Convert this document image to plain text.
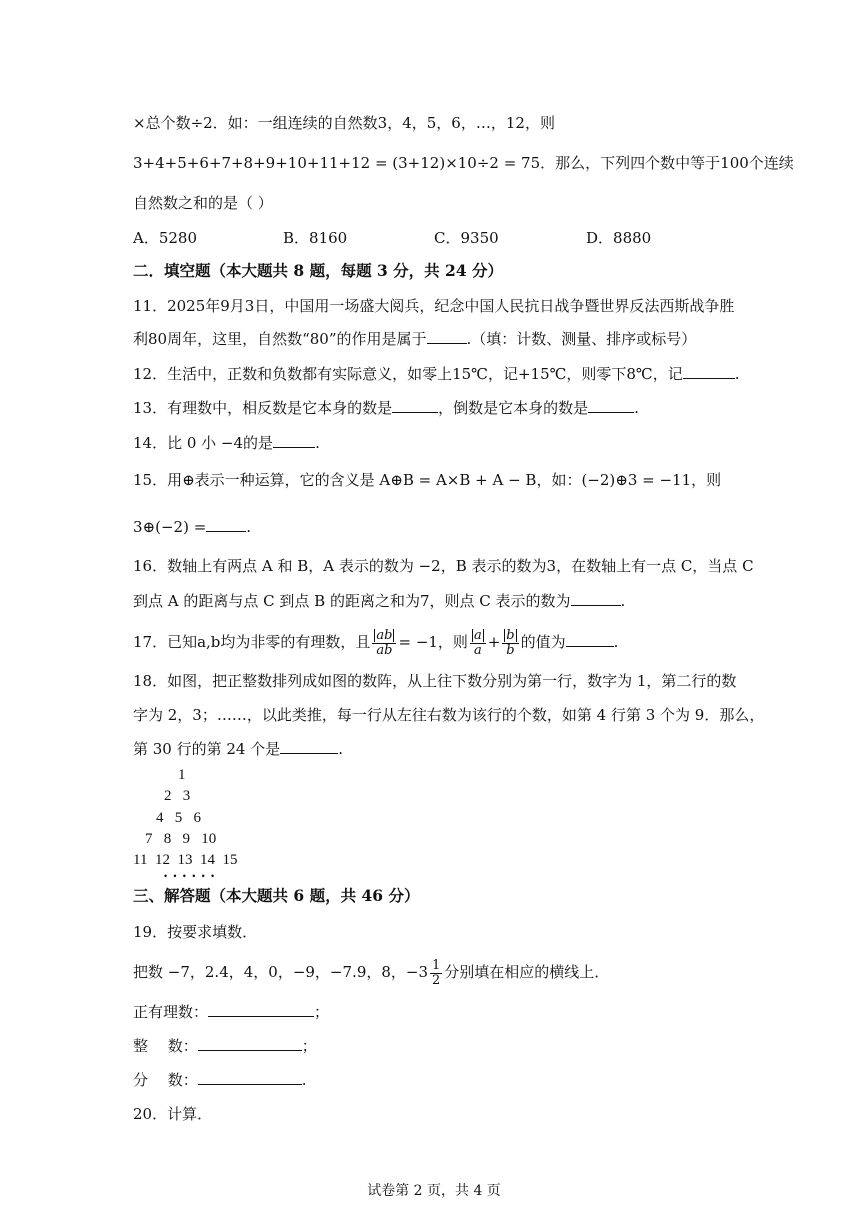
×总个数÷2．如：一组连续的自然数3，4，5，6，…，12，则
3+4+5+6+7+8+9+10+11+12 = (3+12)×10÷2 = 75．那么，下列四个数中等于100个连续
自然数之和的是（ ）
A．5280	B．8160	C．9350	D．8880
二．填空题（本大题共 8 题，每题 3 分，共 24 分）
11．2025年9月3日，中国用一场盛大阅兵，纪念中国人民抗日战争暨世界反法西斯战争胜
利80周年，这里，自然数“80”的作用是属于	.（填：计数、测量、排序或标号）
12．生活中，正数和负数都有实际意义，如零上15℃，记+15℃，则零下8℃，记	.
13．有理数中，相反数是它本身的数是	，倒数是它本身的数是	.
14．比 0 小 −4的是	.
15．用⊕表示一种运算，它的含义是 A⊕B = A×B + A − B，如：(−2)⊕3 = −11，则
3⊕(−2) =	.
16．数轴上有两点 A 和 B，A 表示的数为 −2，B 表示的数为3，在数轴上有一点 C，当点 C
到点 A 的距离与点 C 到点 B 的距离之和为7，则点 C 表示的数为	.
17．已知a,b均为非零的有理数，且 $\frac{ab}{ab} = -1$，则 $\frac{a}{a} + \frac{b}{b}$ 的值为	.
18．如图，把正整数排列成如图的数阵，从上往下数分别为第一行，数字为 1，第二行的数
字为 2，3；……，以此类推，每一行从左往右数为该行的个数，如第 4 行第 3 个为 9．那么，
第 30 行的第 24 个是	.
1
2   3
4   5   6
7   8   9   10
11  12  13  14  15
• • • • • •
三、解答题（本大题共 6 题，共 46 分）
19．按要求填数．
把数 −7，2.4，4，0，−9，−7.9，8，$-3 \frac{1}{2}$ 分别填在相应的横线上．
正有理数：	；
整　 数：	；
分　 数：	.
20．计算．
试卷第 2 页，共 4 页
